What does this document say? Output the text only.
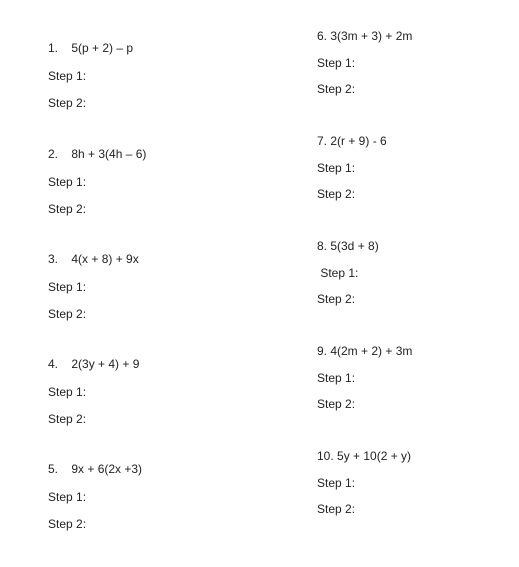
1.    5(p + 2) – p
Step 1:
Step 2:
2.    8h + 3(4h – 6)
Step 1:
Step 2:
3.    4(x + 8) + 9x
Step 1:
Step 2:
4.    2(3y + 4) + 9
Step 1:
Step 2:
5.    9x + 6(2x +3)
Step 1:
Step 2:
6. 3(3m + 3) + 2m
Step 1:
Step 2:
7. 2(r + 9) - 6
Step 1:
Step 2:
8. 5(3d + 8)
Step 1:
Step 2:
9. 4(2m + 2) + 3m
Step 1:
Step 2:
10. 5y + 10(2 + y)
Step 1:
Step 2:
